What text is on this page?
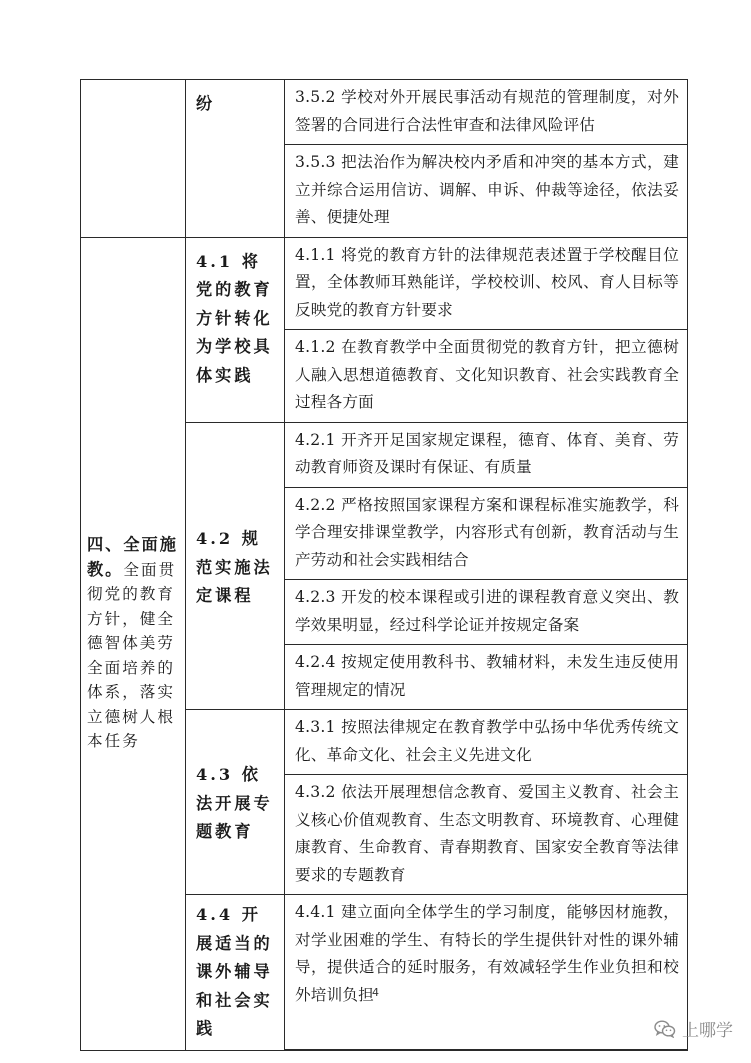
	纷	3.5.2 学校对外开展民事活动有规范的管理制度，对外签署的合同进行合法性审查和法律风险评估
		3.5.3 把法治作为解决校内矛盾和冲突的基本方式，建立并综合运用信访、调解、申诉、仲裁等途径，依法妥善、便捷处理
四、全面施教。全面贯彻党的教育方针，健全德智体美劳全面培养的体系，落实立德树人根本任务	4.1 将党的教育方针转化为学校具体实践	4.1.1 将党的教育方针的法律规范表述置于学校醒目位置，全体教师耳熟能详，学校校训、校风、育人目标等反映党的教育方针要求
		4.1.2 在教育教学中全面贯彻党的教育方针，把立德树人融入思想道德教育、文化知识教育、社会实践教育全过程各方面
	4.2 规范实施法定课程	4.2.1 开齐开足国家规定课程，德育、体育、美育、劳动教育师资及课时有保证、有质量
		4.2.2 严格按照国家课程方案和课程标准实施教学，科学合理安排课堂教学，内容形式有创新，教育活动与生产劳动和社会实践相结合
		4.2.3 开发的校本课程或引进的课程教育意义突出、教学效果明显，经过科学论证并按规定备案
		4.2.4 按规定使用教科书、教辅材料，未发生违反使用管理规定的情况
	4.3 依法开展专题教育	4.3.1 按照法律规定在教育教学中弘扬中华优秀传统文化、革命文化、社会主义先进文化
		4.3.2 依法开展理想信念教育、爱国主义教育、社会主义核心价值观教育、生态文明教育、环境教育、心理健康教育、生命教育、青春期教育、国家安全教育等法律要求的专题教育
	4.4 开展适当的课外辅导和社会实践	4.4.1 建立面向全体学生的学习制度，能够因材施教，对学业困难的学生、有特长的学生提供针对性的课外辅导，提供适合的延时服务，有效减轻学生作业负担和校外培训负担

4
上哪学
